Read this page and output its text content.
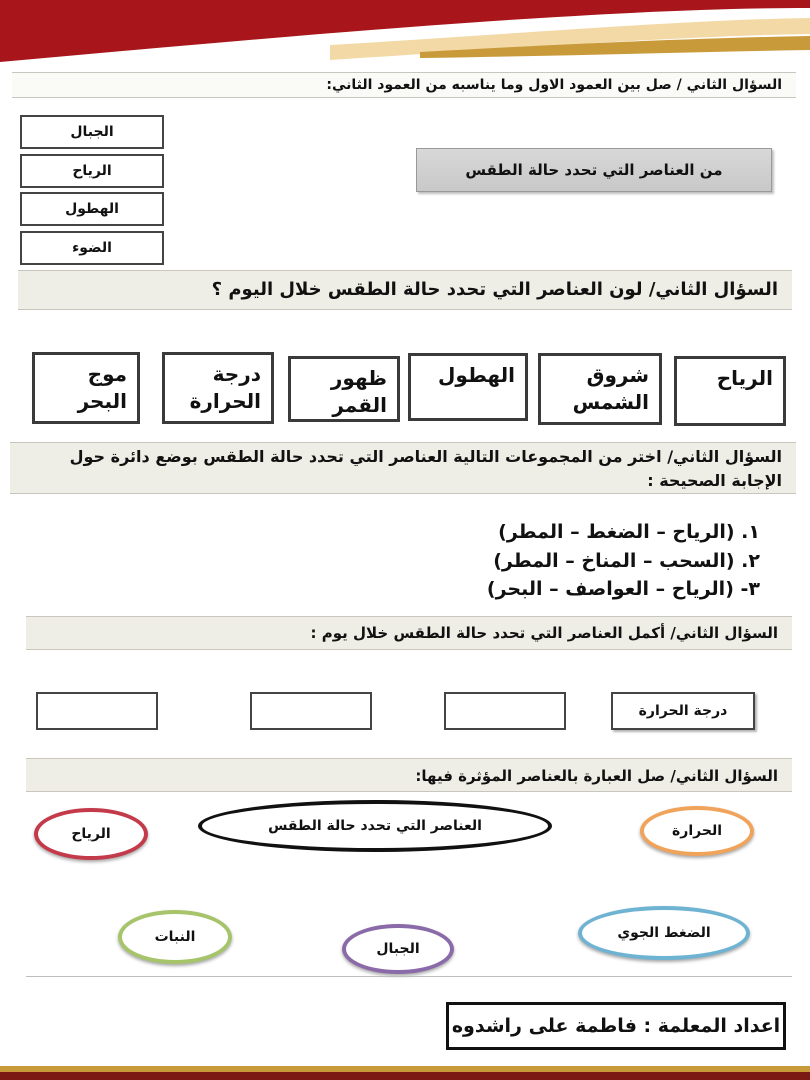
السؤال الثاني / صل بين العمود الاول وما يناسبه من العمود الثاني:
الجبال
الرياح
الهطول
الضوء
من العناصر التي تحدد حالة الطقس
السؤال الثاني/ لون العناصر التي تحدد حالة الطقس خلال اليوم ؟
موج البحر
درجة الحرارة
ظهور القمر
الهطول	شروق الشمس
الرياح
السؤال الثاني/ اختر من المجموعات التالية العناصر التي تحدد حالة الطقس بوضع دائرة حول الإجابة الصحيحة :
١. (الرياح – الضغط – المطر)
٢. (السحب – المناخ – المطر)
٣- (الرياح – العواصف – البحر)
السؤال الثاني/ أكمل العناصر التي تحدد حالة الطقس خلال يوم :
درجة الحرارة
السؤال الثاني/ صل العبارة بالعناصر المؤثرة فيها:
العناصر التي تحدد حالة الطقس
الرياح	الحرارة
النبات
الجبال
الضغط الجوي
اعداد المعلمة : فاطمة على راشدوه
